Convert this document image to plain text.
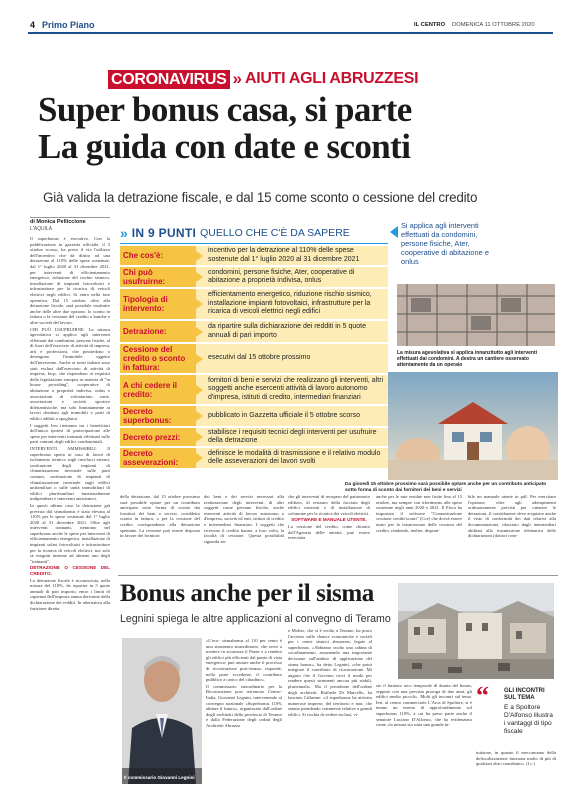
4 Primo Piano	IL CENTRO DOMENICA 11 OTTOBRE 2020
CORONAVIRUS » AIUTI AGLI ABRUZZESI
Super bonus casa, si parte
La guida con date e sconti
Già valida la detrazione fiscale, e dal 15 come sconto o cessione del credito
di Monica Pelliccione
L'AQUILA

Il superbonus è esecutivo. Con la pubblicazione in gazzetta ufficiale, il 5 ottobre scorso, ha preso il via l'utilizzo dell'incentivo che dà diritto ad una detrazione al 110% delle spese sostenute, dal 1° luglio 2020 al 31 dicembre 2021, per interventi di efficientamento energetico, riduzione del rischio sismico, installazione di impianti fotovoltaici e infrastrutture per la ricarica di veicoli elettrici negli edifici. Si entra nella fase operativa. Dal 15 ottobre, oltre alla detrazione fiscale, sarà possibile usufruire anche delle altre due opzioni: lo sconto in fattura o la cessione del credito a banche e altre società del lavoro.

CHI PUÒ USUFRUIRNE. La misura agevolativa si applica agli interventi effettuati dai condomini, persone fisiche, al di fuori dell'esercizio di attività di impresa, arti e professioni, che possiedono o detengono l'immobile oggetto dell'intervento. Anche ai sensi italiani sono stati esclusi dall'esercizio di attività di impresa, Iacp, che rispondono ai requisiti della legislazione europea in materia di "in house providing", cooperative di abitazione a proprietà indivisa, onlus e associazioni di volontariato varie, associazioni e società sportive dilettantistiche, ma solo limitatamente ai lavori destinati agli immobili o parti di edifici adibiti a spogliatoi.

I soggetti Ires rientrano tra i beneficiari dell'unica ipotesi di partecipazione alle spese per interventi trainanti effettuati sulle parti comuni degli edifici condominiali.

INTERVENTI AMMISSIBILI. Il superbonus spetta in caso di lavori di isolamento termico sugli involucri esterni, sostituzione degli impianti di climatizzazione invernale sulle parti comuni, sostituzione di impianti di climatizzazione invernale sugli edifici unifamiliari o sulle unità immobiliari di edifici plurifamiliari funzionalmente indipendenti e interventi antisismici.

In questi ultimo caso la detrazione già prevista dal sismabonus è stata elevata al 110% per le spese sostenute dal 1° luglio 2020 al 31 dicembre 2021. Oltre agli interventi trainanti, rientrano nel superbonus anche le spese per interventi di efficientamento energetico, installazione di impianti solari fotovoltaici e infrastrutture per la ricarica di veicoli elettrici, ma solo se eseguiti insieme ad almeno uno degli "trainanti".

DETRAZIONE O CESSIONE DEL CREDITO.

La detrazione fiscale è riconosciuta, nella misura del 110%, da ripartire in 5 quote annuali di pari importo, entro i limiti di capienza dell'imposta annua derivante dalla dichiarazione dei redditi. In alternativa alla fruizione diretta

» IN 9 PUNTI QUELLO CHE C'È DA SAPERE
Che cos'è:
incentivo per la detrazione al 110% delle spese sostenute dal 1° luglio 2020 al 31 dicembre 2021
Chi può usufruirne:
condomini, persone fisiche, Ater, cooperative di abitazione a proprietà indivisa, onlus
Tipologia di intervento:
efficientamento energetico, riduzione rischio sismico, installazione impianti fotovoltaici, infrastrutture per la ricarica di veicoli elettrici negli edifici
Detrazione:
da ripartire sulla dichiarazione dei redditi in 5 quote annuali di pari importo
Cessione del credito o sconto in fattura:
esecutivi dal 15 ottobre prossimo
A chi cedere il credito:
fornitori di beni e servizi che realizzano gli interventi, altri soggetti anche esercenti attività di lavoro autonomo d'impresa, istituti di credito, intermediari finanziari
Decreto superbonus:
pubblicato in Gazzetta ufficiale il 5 ottobre scorso
Decreto prezzi:
stabilisce i requisiti tecnici degli interventi per usufruire della detrazione
Decreto asseverazioni:
definisce le modalità di trasmissione e il relativo modulo delle asseverazioni dei lavori svolti
Si applica agli interventi effettuati da condomini, persone fisiche, Ater, cooperative di abitazione e onlus
La misura agevolativa si applica innanzitutto agli interventi effettuati dai condomini. A destra un cantiere osservato attentamente da un operaio
Da giovedì 15 ottobre prossimo sarà possibile optare anche per un contributo anticipato sotto forma di sconto dai fornitori dei beni e servizi

della detrazione, dal 15 ottobre prossimo sarà possibile optare per un contributo anticipato sotto forma di sconto dai fornitori dei beni o servizi, cosiddetto sconto in fattura, o per la cessione del credito corrispondente alla detrazione spettante. La cessione può essere disposta in favore dei fornitori

dei beni e dei servizi necessari alla realizzazione degli interventi, di altri soggetti come persone fisiche, anche esercenti attività di lavoro autonomo o d'impresa, società ed enti, istituti di credito e intermediari finanziari. I soggetti che ricevono il credito hanno, a loro volta, la facoltà di cessione. Questa possibilità riguarda an-

che gli interventi di recupero del patrimonio edilizio, di restauro della facciata degli edifici esistenti e di installazione di colonnine per la ricarica dei veicoli elettrici.

SOFTWARE E MANUALE UTENTE.

La cessione del credito, come chiarito dall'Agenzia delle entrate, può essere esercitata

anche per le rate residue non fruite fino al 15 ottobre, ma sempre con riferimento alle spese sostenute negli anni 2020 e 2021. Il Fisco ha impostato il software "Comunicazione cessione crediti/sconti" (Cce) che dovrà essere usato per la trasmissione delle cessioni del credito, rendendo, inoltre, disponi-

bile un manuale utente in pdf. Per esercitare l'opzione, oltre agli adempimenti ordinariamente previsti per ottenere le detrazioni, il contribuente deve acquisire anche il visto di conformità dei dati relativi alla documentazione, rilasciato dagli intermediari abilitati alla trasmissione telematica delle dichiarazioni (dottori com-

Bonus anche per il sisma
Legnini spiega le altre applicazioni al convegno di Teramo
Il commissario Giovanni Legnini

«L'eco- sismabonus al 110 per cento è uno strumento straordinario, che serve a mettere in sicurezza il Paese e a rendere gli edifici più efficienti dal punto di vista energetico: può aiutare anche il processo di ricostruzione post-sisma» risponde, nella parte eccedente, il contributo pubblico a carico del cittadino».

Il commissario straordinario per la Ricostruzione post terremoto Centro-Italia, Giovanni Legnini, intervenendo al convegno nazionale «Superbonus 110% abitare il futuro», organizzato dall'ordine degli architetti della provincia di Teramo e dalla Federazione degli ordini degli Architetti Abruzzo

e Molise, che si è svolto a Teramo, ha posto l'accento sulle chance economiche e sociali per i centri sismici abruzzesi, legate al superbonus. «Abbiamo svolto una cabina di coordinamento, assumendo una importante decisione sull'ambito di applicazione del sisma bonus», ha detto Legnini, «che potrà integrare il contributo di ricostruzione. Mi auguro che il Governo trovi il modo per rendere questi strumenti ancora più stabili, pluriennali». Ma il presidente dell'ordine degli architetti, Raffaele Di Marcello, ha lanciato l'allarme: «il superbonus ha attivato numerose imprese, del territorio e non, che stanno prendendo commesse relative a grandi edifici. Si rischia di vedere esclusi, vi-

sto il limitato arco temporale di durata del bonus, seppure con una prevista proroga di due anni, gli edifici medio piccoli». Molti gli incontri sul tema. Ieri, al centro commerciale L'Arca di Spoltore, si è tenuto un evento di approfondimento sul superbonus 110%, a cui ha preso parte anche il senatore Luciano D'Alfonso, che ha evidenziato come «la misura sia stata una grande in-

“	GLI INCONTRI SUL TEMA
E a Spoltore D'Alfonso illustra i vantaggi di tipo fiscale

tuizione, in quanto il meccanismo della defiscalizzazione funziona molto di più di qualsiasi altro contributo». (l.c.)
